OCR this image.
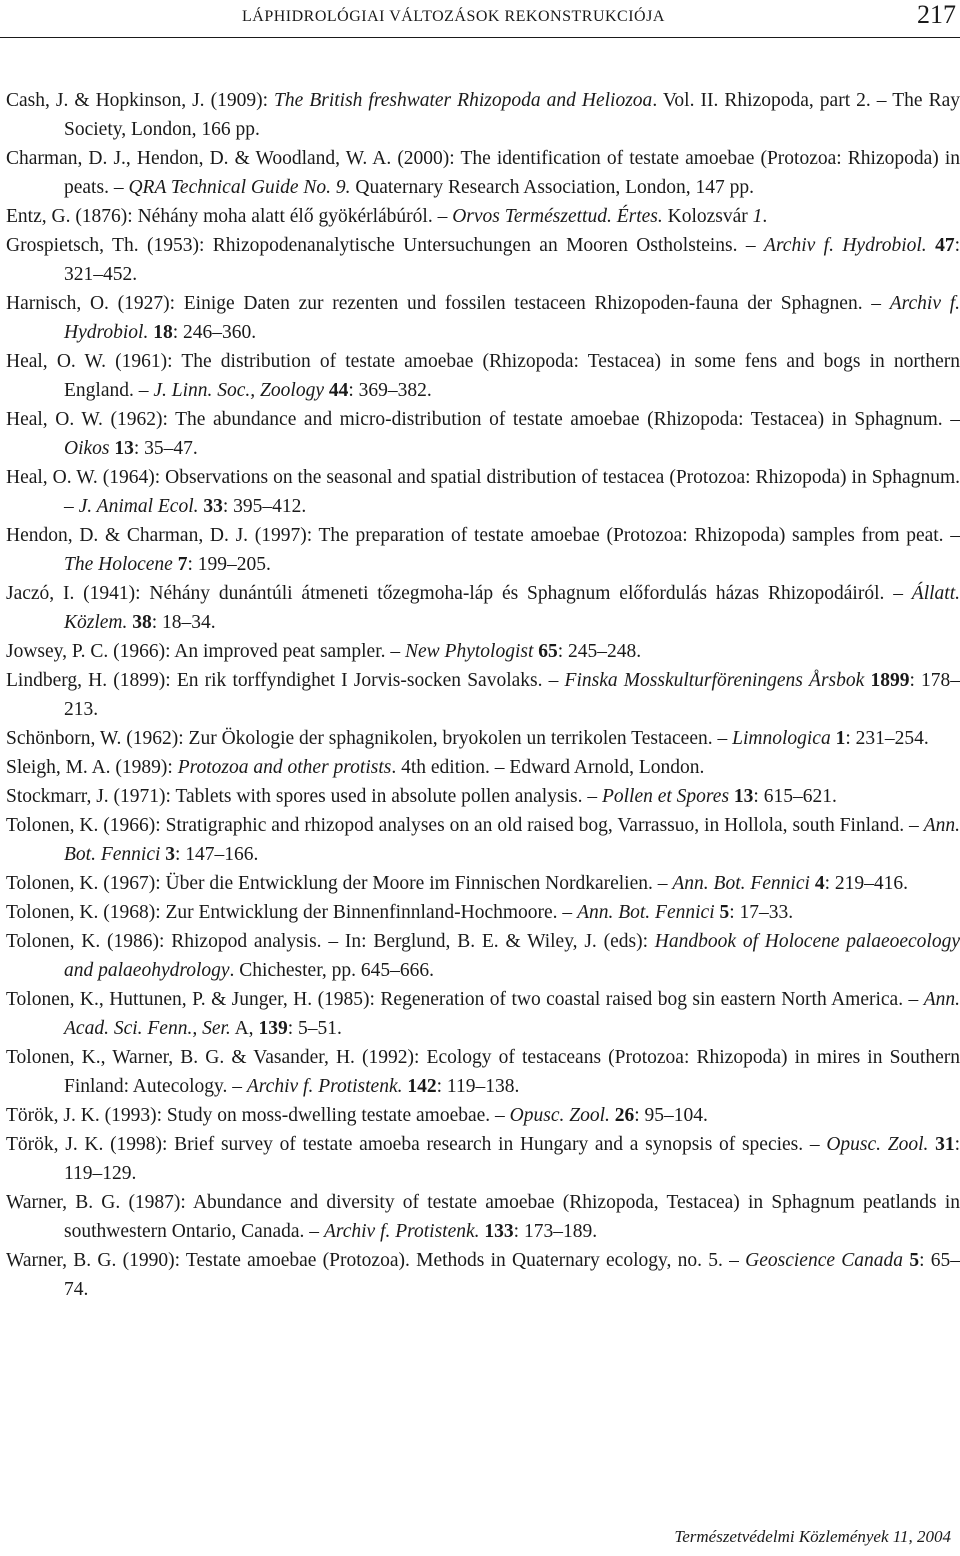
LÁPHIDROLÓGIAI VÁLTOZÁSOK REKONSTRUKCIÓJA	217

Cash, J. & Hopkinson, J. (1909): The British freshwater Rhizopoda and Heliozoa. Vol. II. Rhizopoda, part 2. – The Ray Society, London, 166 pp.

Charman, D. J., Hendon, D. & Woodland, W. A. (2000): The identification of testate amoebae (Protozoa: Rhizopoda) in peats. – QRA Technical Guide No. 9. Quaternary Research Association, London, 147 pp.

Entz, G. (1876): Néhány moha alatt élő gyökérlábúról. – Orvos Természettud. Értes. Kolozsvár 1.

Grospietsch, Th. (1953): Rhizopodenanalytische Untersuchungen an Mooren Ostholsteins. – Archiv f. Hydrobiol. 47: 321–452.

Harnisch, O. (1927): Einige Daten zur rezenten und fossilen testaceen Rhizopoden-fauna der Sphagnen. – Archiv f. Hydrobiol. 18: 246–360.

Heal, O. W. (1961): The distribution of testate amoebae (Rhizopoda: Testacea) in some fens and bogs in northern England. – J. Linn. Soc., Zoology 44: 369–382.

Heal, O. W. (1962): The abundance and micro-distribution of testate amoebae (Rhizopoda: Testacea) in Sphagnum. – Oikos 13: 35–47.

Heal, O. W. (1964): Observations on the seasonal and spatial distribution of testacea (Protozoa: Rhizopoda) in Sphagnum. – J. Animal Ecol. 33: 395–412.

Hendon, D. & Charman, D. J. (1997): The preparation of testate amoebae (Protozoa: Rhizopoda) samples from peat. – The Holocene 7: 199–205.

Jaczó, I. (1941): Néhány dunántúli átmeneti tőzegmoha-láp és Sphagnum előfordulás házas Rhizopodáiról. – Állatt. Közlem. 38: 18–34.

Jowsey, P. C. (1966): An improved peat sampler. – New Phytologist 65: 245–248.

Lindberg, H. (1899): En rik torffyndighet I Jorvis-socken Savolaks. – Finska Mosskulturföreningens Årsbok 1899: 178–213.

Schönborn, W. (1962): Zur Ökologie der sphagnikolen, bryokolen un terrikolen Testaceen. – Limnologica 1: 231–254.

Sleigh, M. A. (1989): Protozoa and other protists. 4th edition. – Edward Arnold, London.

Stockmarr, J. (1971): Tablets with spores used in absolute pollen analysis. – Pollen et Spores 13: 615–621.

Tolonen, K. (1966): Stratigraphic and rhizopod analyses on an old raised bog, Varrassuo, in Hollola, south Finland. – Ann. Bot. Fennici 3: 147–166.

Tolonen, K. (1967): Über die Entwicklung der Moore im Finnischen Nordkarelien. – Ann. Bot. Fennici 4: 219–416.

Tolonen, K. (1968): Zur Entwicklung der Binnenfinnland-Hochmoore. – Ann. Bot. Fennici 5: 17–33.

Tolonen, K. (1986): Rhizopod analysis. – In: Berglund, B. E. & Wiley, J. (eds): Handbook of Holocene palaeoecology and palaeohydrology. Chichester, pp. 645–666.

Tolonen, K., Huttunen, P. & Junger, H. (1985): Regeneration of two coastal raised bog sin eastern North America. – Ann. Acad. Sci. Fenn., Ser. A, 139: 5–51.

Tolonen, K., Warner, B. G. & Vasander, H. (1992): Ecology of testaceans (Protozoa: Rhizopoda) in mires in Southern Finland: Autecology. – Archiv f. Protistenk. 142: 119–138.

Török, J. K. (1993): Study on moss-dwelling testate amoebae. – Opusc. Zool. 26: 95–104.

Török, J. K. (1998): Brief survey of testate amoeba research in Hungary and a synopsis of species. – Opusc. Zool. 31: 119–129.

Warner, B. G. (1987): Abundance and diversity of testate amoebae (Rhizopoda, Testacea) in Sphagnum peatlands in southwestern Ontario, Canada. – Archiv f. Protistenk. 133: 173–189.

Warner, B. G. (1990): Testate amoebae (Protozoa). Methods in Quaternary ecology, no. 5. – Geoscience Canada 5: 65–74.

Természetvédelmi Közlemények 11, 2004
